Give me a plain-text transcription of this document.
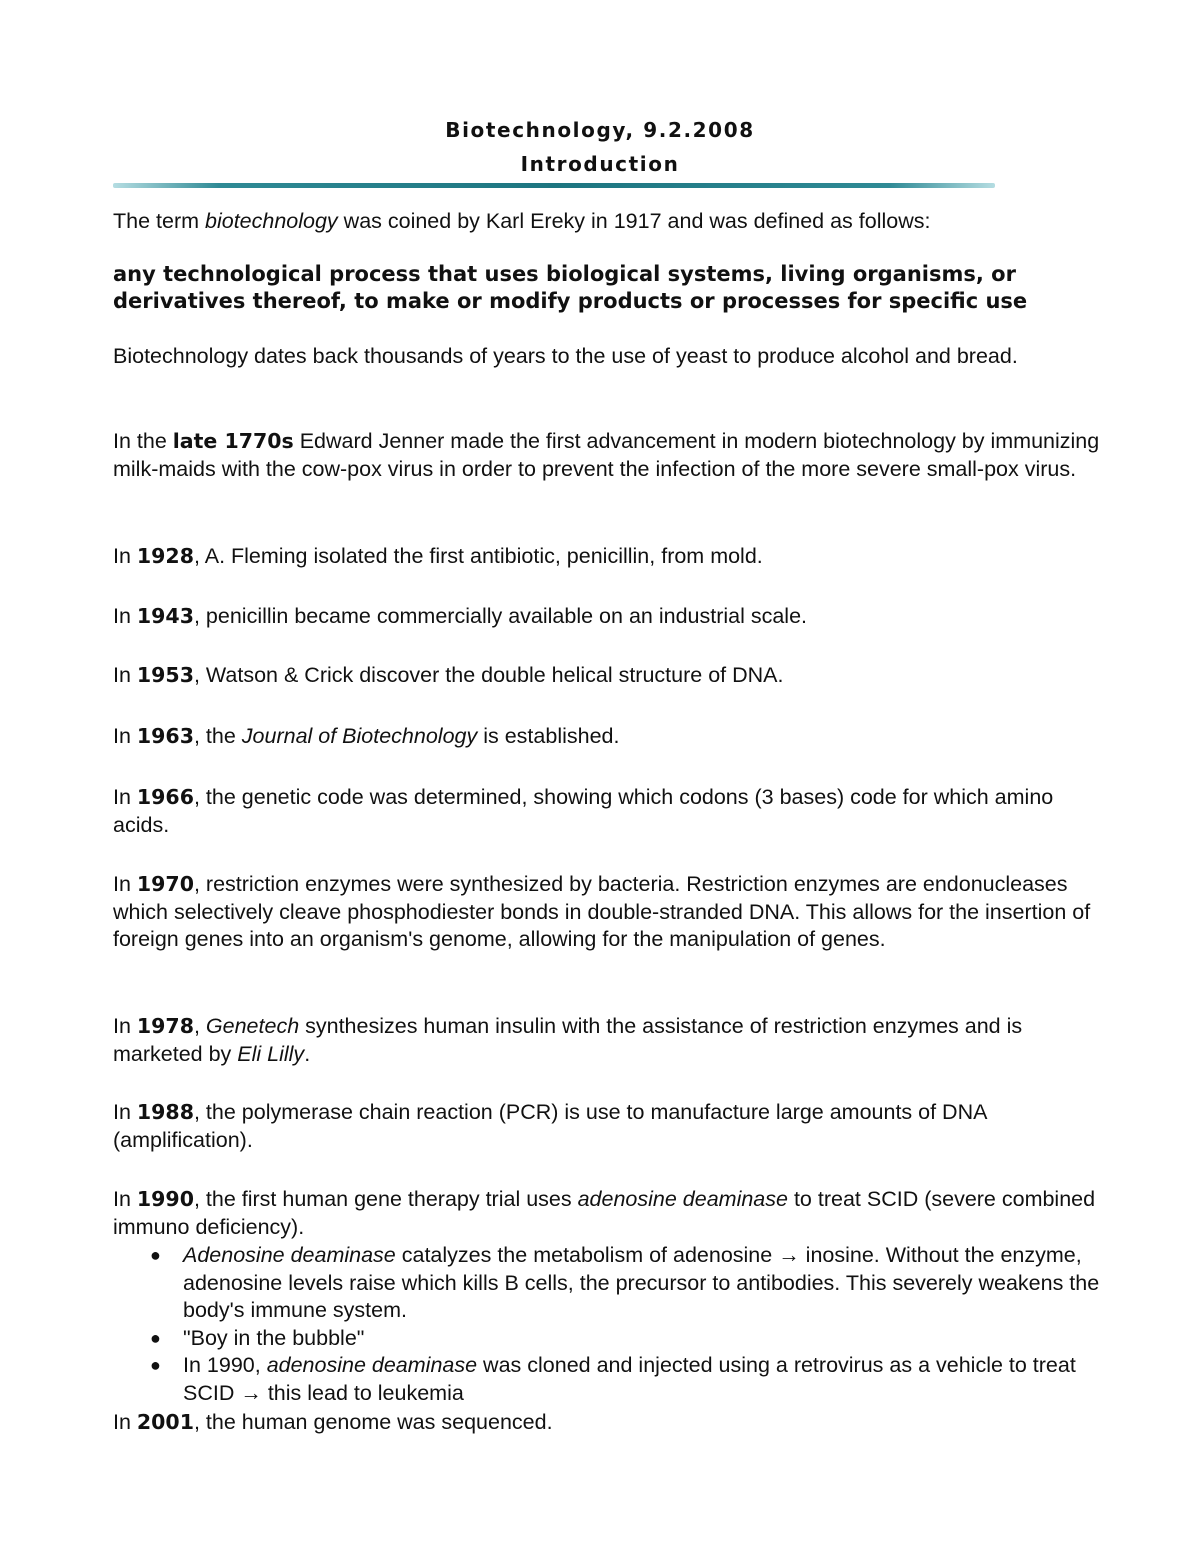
Biotechnology, 9.2.2008
Introduction

The term biotechnology was coined by Karl Ereky in 1917 and was defined as follows:

any technological process that uses biological systems, living organisms, or derivatives thereof, to make or modify products or processes for specific use

Biotechnology dates back thousands of years to the use of yeast to produce alcohol and bread.

In the late 1770s Edward Jenner made the first advancement in modern biotechnology by immunizing milk-maids with the cow-pox virus in order to prevent the infection of the more severe small-pox virus.

In 1928, A. Fleming isolated the first antibiotic, penicillin, from mold.

In 1943, penicillin became commercially available on an industrial scale.

In 1953, Watson & Crick discover the double helical structure of DNA.

In 1963, the Journal of Biotechnology is established.

In 1966, the genetic code was determined, showing which codons (3 bases) code for which amino acids.

In 1970, restriction enzymes were synthesized by bacteria. Restriction enzymes are endonucleases which selectively cleave phosphodiester bonds in double-stranded DNA. This allows for the insertion of foreign genes into an organism's genome, allowing for the manipulation of genes.

In 1978, Genetech synthesizes human insulin with the assistance of restriction enzymes and is marketed by Eli Lilly.

In 1988, the polymerase chain reaction (PCR) is use to manufacture large amounts of DNA (amplification).

In 1990, the first human gene therapy trial uses adenosine deaminase to treat SCID (severe combined immuno deficiency).

● Adenosine deaminase catalyzes the metabolism of adenosine → inosine. Without the enzyme, adenosine levels raise which kills B cells, the precursor to antibodies. This severely weakens the body's immune system.
● "Boy in the bubble"
● In 1990, adenosine deaminase was cloned and injected using a retrovirus as a vehicle to treat SCID → this lead to leukemia

In 2001, the human genome was sequenced.
